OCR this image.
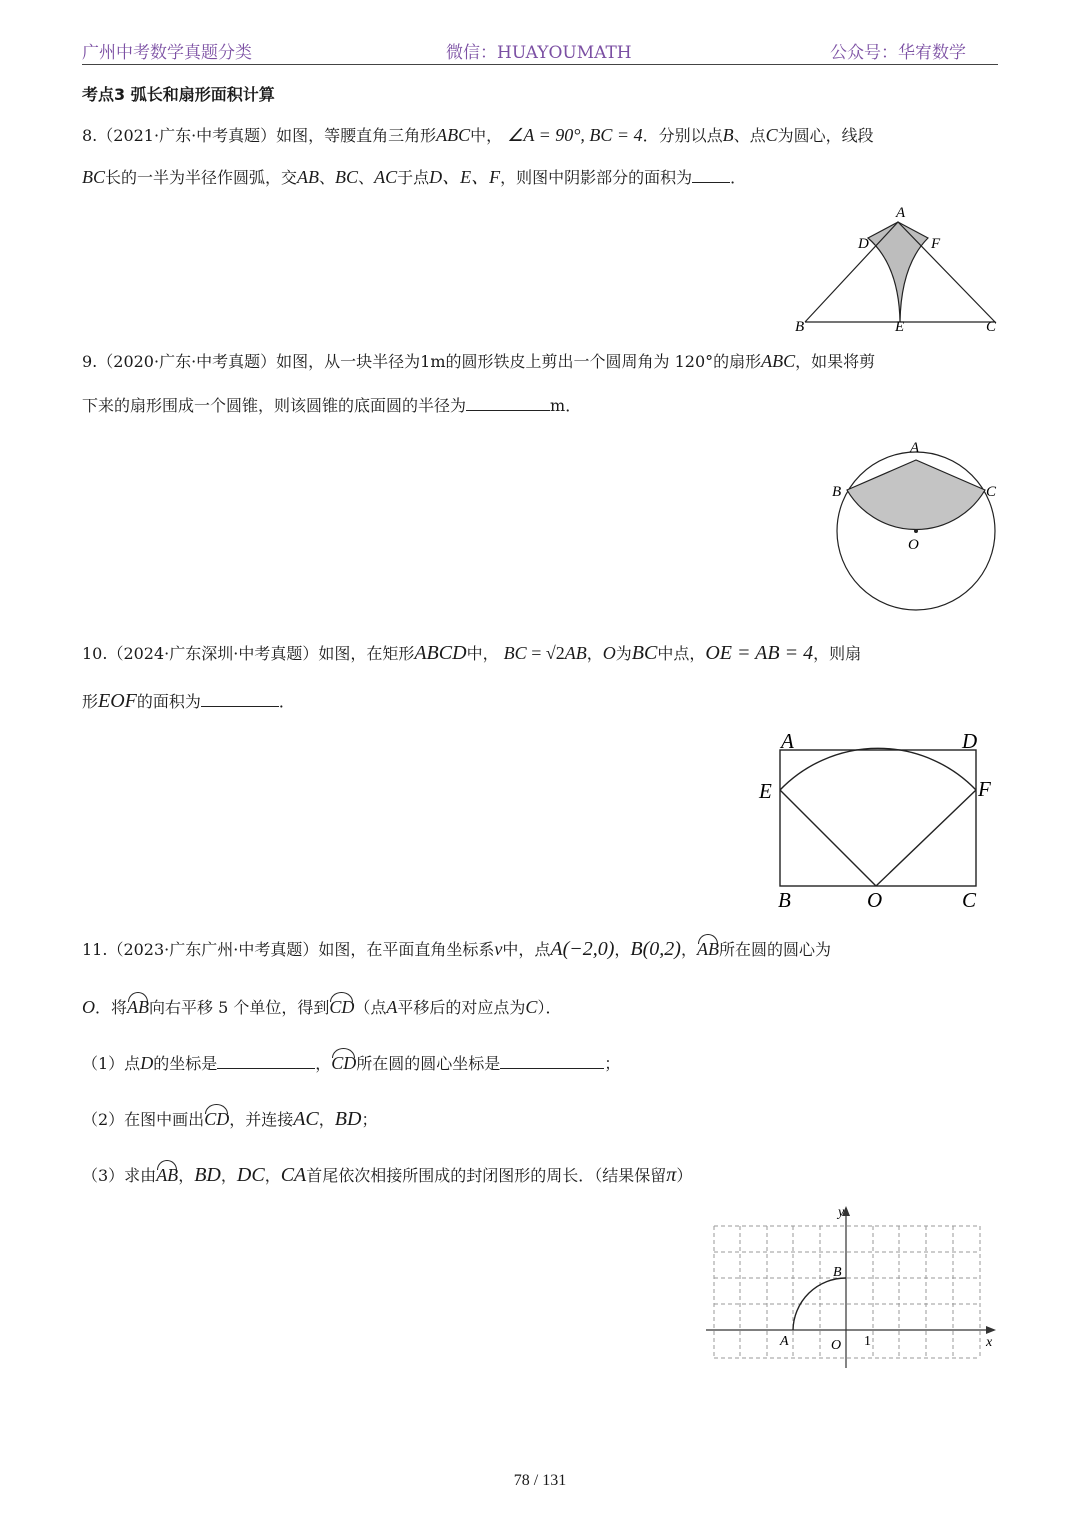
广州中考数学真题分类	微信：HUAYOUMATH	公众号：华宥数学
考点3 弧长和扇形面积计算
8.（2021·广东·中考真题）如图，等腰直角三角形ABC中， ∠A = 90°, BC = 4．分别以点B、点C为圆心，线段
BC长的一半为半径作圆弧，交AB、BC、AC于点D、E、F，则图中阴影部分的面积为 ．
A
B	C
D
E
F
9.（2020·广东·中考真题）如图，从一块半径为1m的圆形铁皮上剪出一个圆周角为 120°的扇形ABC，如果将剪
下来的扇形围成一个圆锥，则该圆锥的底面圆的半径为	m．
A
B	C
O
10.（2024·广东深圳·中考真题）如图，在矩形ABCD中， BC = √2AB，O为BC中点，OE = AB = 4，则扇
形EOF的面积为	．
A	D
E	F
B	O	C
11.（2023·广东广州·中考真题）如图，在平面直角坐标系v中，点A(−2,0)，B(0,2)，AB所在圆的圆心为
O．将AB向右平移 5 个单位，得到CD（点A平移后的对应点为C）．
（1）点D的坐标是	，CD所在圆的圆心坐标是	；
（2）在图中画出CD，并连接AC，BD；
（3）求由AB，BD，DC，CA首尾依次相接所围成的封闭图形的周长．（结果保留π）
y
x
A
B
O 1
78 / 131
